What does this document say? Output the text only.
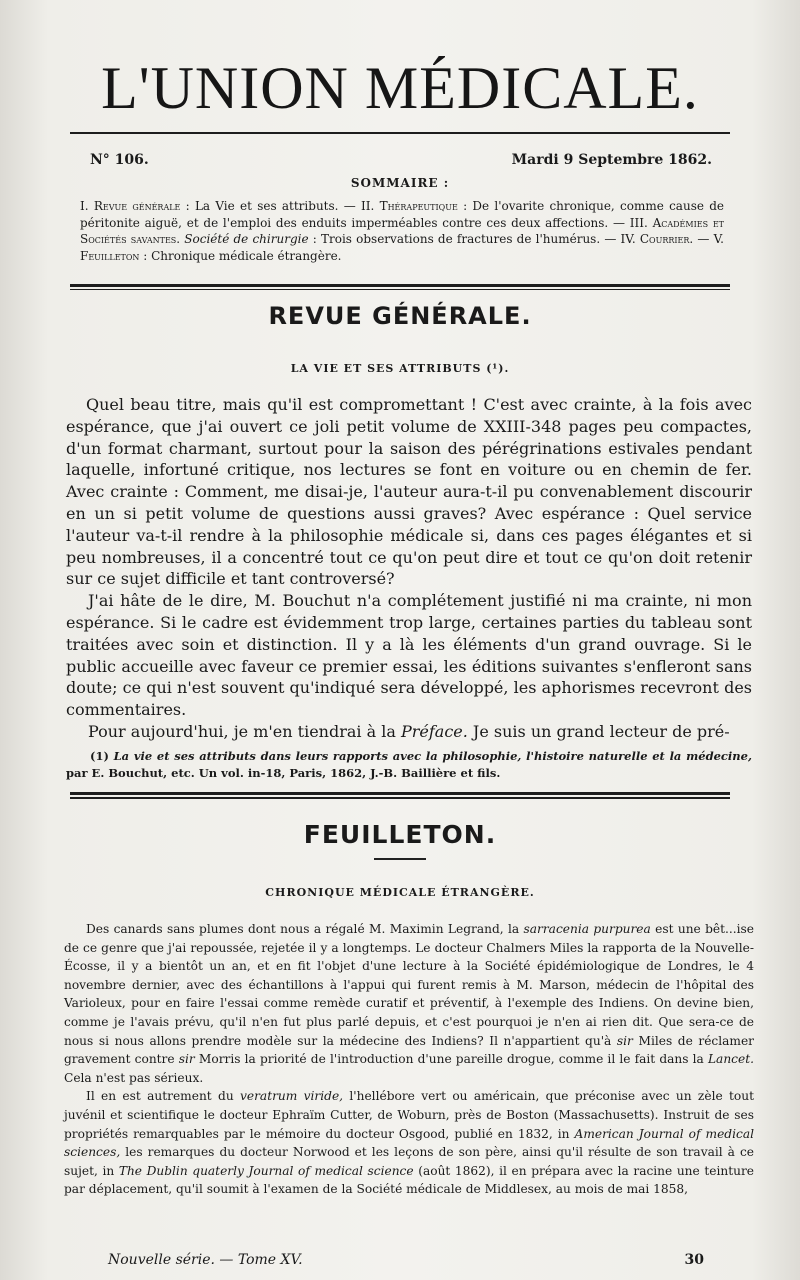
L'UNION MÉDICALE.
N° 106.	Mardi 9 Septembre 1862.
SOMMAIRE :
I. Revue générale : La Vie et ses attributs. — II. Thérapeutique : De l'ovarite chronique, comme cause de péritonite aiguë, et de l'emploi des enduits imperméables contre ces deux affections. — III. Académies et Sociétés savantes. Société de chirurgie : Trois observations de fractures de l'humérus. — IV. Courrier. — V. Feuilleton : Chronique médicale étrangère.
REVUE GÉNÉRALE.
LA VIE ET SES ATTRIBUTS (¹).

Quel beau titre, mais qu'il est compromettant ! C'est avec crainte, à la fois avec espérance, que j'ai ouvert ce joli petit volume de XXIII-348 pages peu compactes, d'un format charmant, surtout pour la saison des pérégrinations estivales pendant laquelle, infortuné critique, nos lectures se font en voiture ou en chemin de fer. Avec crainte : Comment, me disai-je, l'auteur aura-t-il pu convenablement discourir en un si petit volume de questions aussi graves? Avec espérance : Quel service l'auteur va-t-il rendre à la philosophie médicale si, dans ces pages élégantes et si peu nombreuses, il a concentré tout ce qu'on peut dire et tout ce qu'on doit retenir sur ce sujet difficile et tant controversé?

J'ai hâte de le dire, M. Bouchut n'a complétement justifié ni ma crainte, ni mon espérance. Si le cadre est évidemment trop large, certaines parties du tableau sont traitées avec soin et distinction. Il y a là les éléments d'un grand ouvrage. Si le public accueille avec faveur ce premier essai, les éditions suivantes s'enfleront sans doute; ce qui n'est souvent qu'indiqué sera développé, les aphorismes recevront des commentaires.

Pour aujourd'hui, je m'en tiendrai à la Préface. Je suis un grand lecteur de pré-

(1) La vie et ses attributs dans leurs rapports avec la philosophie, l'histoire naturelle et la médecine, par E. Bouchut, etc. Un vol. in-18, Paris, 1862, J.-B. Baillière et fils.
FEUILLETON.
CHRONIQUE MÉDICALE ÉTRANGÈRE.

Des canards sans plumes dont nous a régalé M. Maximin Legrand, la sarracenia purpurea est une bêt...ise de ce genre que j'ai repoussée, rejetée il y a longtemps. Le docteur Chalmers Miles la rapporta de la Nouvelle-Écosse, il y a bientôt un an, et en fit l'objet d'une lecture à la Société épidémiologique de Londres, le 4 novembre dernier, avec des échantillons à l'appui qui furent remis à M. Marson, médecin de l'hôpital des Varioleux, pour en faire l'essai comme remède curatif et préventif, à l'exemple des Indiens. On devine bien, comme je l'avais prévu, qu'il n'en fut plus parlé depuis, et c'est pourquoi je n'en ai rien dit. Que sera-ce de nous si nous allons prendre modèle sur la médecine des Indiens? Il n'appartient qu'à sir Miles de réclamer gravement contre sir Morris la priorité de l'introduction d'une pareille drogue, comme il le fait dans la Lancet. Cela n'est pas sérieux.

Il en est autrement du veratrum viride, l'hellébore vert ou américain, que préconise avec un zèle tout juvénil et scientifique le docteur Ephraïm Cutter, de Woburn, près de Boston (Massachusetts). Instruit de ses propriétés remarquables par le mémoire du docteur Osgood, publié en 1832, in American Journal of medical sciences, les remarques du docteur Norwood et les leçons de son père, ainsi qu'il résulte de son travail à ce sujet, in The Dublin quaterly Journal of medical science (août 1862), il en prépara avec la racine une teinture par déplacement, qu'il soumit à l'examen de la Société médicale de Middlesex, au mois de mai 1858,

Nouvelle série. — Tome XV.	30
